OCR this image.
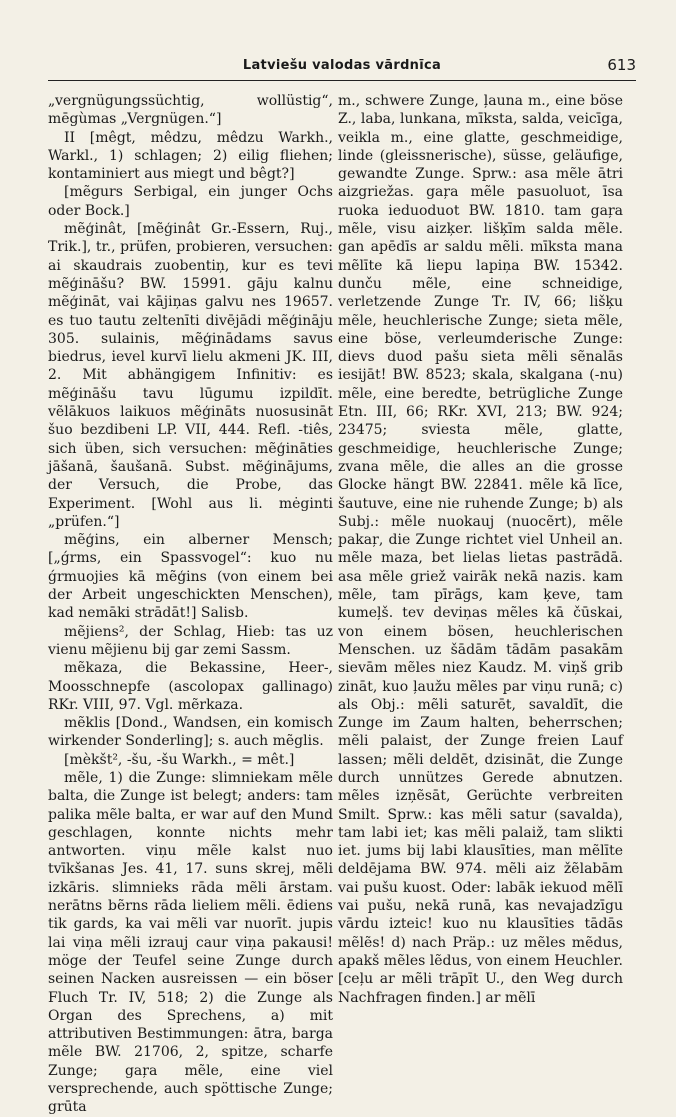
Latviešu valodas vārdnīca	613

„vergnügungssüchtig, wollüstig“, mēgùmas „Vergnügen.“]

II [mêgt, mêdzu, mêdzu Warkh., Warkl., 1) schlagen; 2) eilig fliehen; kontaminiert aus miegt und bêgt?]

[mẽgurs Serbigal, ein junger Ochs oder Bock.]

mẽģinât, [mẽģinât Gr.-Essern, Ruj., Trik.], tr., prüfen, probieren, versuchen: ai skaudrais zuobentiņ, kur es tevi mẽģināšu? BW. 15991. gāju kalnu mẽģināt, vai kājiņas galvu nes 19657. es tuo tautu zeltenīti divējādi mẽģināju 305. sulainis, mẽģinādams savus biedrus, ievel kurvī lielu akmeni JK. III, 2. Mit abhängigem Infinitiv: es mẽģināšu tavu lūgumu izpildīt. vẽlākuos laikuos mẽģināts nuosusināt šuo bezdibeni LP. VII, 444. Refl. -tiês, sich üben, sich versuchen: mẽģināties jāšanā, šaušanā. Subst. mẽģinājums, der Versuch, die Probe, das Experiment. [Wohl aus li. mėginti „prüfen.“]

mẽģins, ein alberner Mensch; [„ǵrms, ein Spassvogel“: kuo nu ǵrmuojies kā mẽģins (von einem bei der Arbeit ungeschickten Menschen), kad nemāki strādāt!] Salisb.

mẽjiens², der Schlag, Hieb: tas uz vienu mẽjienu bij gar zemi Sassm.

mẽkaza, die Bekassine, Heer-, Moosschnepfe (ascolopax gallinago) RKr. VIII, 97. Vgl. mẽrkaza.

mẽklis [Dond., Wandsen, ein komisch wirkender Sonderling]; s. auch mẽglis.

[mèkšt², -šu, -šu Warkh., = mêt.]

mẽle, 1) die Zunge: slimniekam mẽle balta, die Zunge ist belegt; anders: tam palika mẽle balta, er war auf den Mund geschlagen, konnte nichts mehr antworten. viņu mẽle kalst nuo tvīkšanas Jes. 41, 17. suns skrej, mẽli izkāris. slimnieks rāda mẽli ārstam. nerātns bẽrns rāda lieliem mẽli. ēdiens tik gards, ka vai mẽli var nuorīt. jupis lai viņa mẽli izrauj caur viņa pakausi! möge der Teufel seine Zunge durch seinen Nacken ausreissen — ein böser Fluch Tr. IV, 518; 2) die Zunge als Organ des Sprechens, a) mit attributiven Bestimmungen: ātra, barga mẽle BW. 21706, 2, spitze, scharfe Zunge; gaŗa mẽle, eine viel versprechende, auch spöttische Zunge; grūta

m., schwere Zunge, ļauna m., eine böse Z., laba, lunkana, mīksta, salda, veicīga, veikla m., eine glatte, geschmeidige, linde (gleissnerische), süsse, geläufige, gewandte Zunge. Sprw.: asa mẽle ātri aizgriežas. gaŗa mẽle pasuoluot, īsa ruoka ieduoduot BW. 1810. tam gaŗa mẽle, visu aizķer. lišķīm salda mẽle. gan apēdīs ar saldu mẽli. mīksta mana mẽlīte kā liepu lapiņa BW. 15342. dunču mẽle, eine schneidige, verletzende Zunge Tr. IV, 66; lišķu mẽle, heuchlerische Zunge; sieta mẽle, eine böse, verleumderische Zunge: dievs duod pašu sieta mẽli sẽnalās iesijāt! BW. 8523; skala, skalgana (-nu) mẽle, eine beredte, betrügliche Zunge Etn. III, 66; RKr. XVI, 213; BW. 924; 23475; sviesta mẽle, glatte, geschmeidige, heuchlerische Zunge; zvana mẽle, die alles an die grosse Glocke hängt BW. 22841. mẽle kā līce, šautuve, eine nie ruhende Zunge; b) als Subj.: mẽle nuokauj (nuocẽrt), mẽle pakaŗ, die Zunge richtet viel Unheil an. mẽle maza, bet lielas lietas pastrādā. asa mẽle griež vairāk nekā nazis. kam mẽle, tam pīrāgs, kam ķeve, tam kumeļš. tev deviņas mẽles kā čūskai, von einem bösen, heuchlerischen Menschen. uz šādām tādām pasakām sievām mẽles niez Kaudz. M. viņš grib zināt, kuo ļaužu mẽles par viņu runā; c) als Obj.: mẽli saturēt, savaldīt, die Zunge im Zaum halten, beherrschen; mẽli palaist, der Zunge freien Lauf lassen; mẽli deldēt, dzisināt, die Zunge durch unnützes Gerede abnutzen. mẽles izņẽsāt, Gerüchte verbreiten Smilt. Sprw.: kas mẽli satur (savalda), tam labi iet; kas mẽli palaiž, tam slikti iet. jums bij labi klausīties, man mẽlīte deldējama BW. 974. mẽli aiz žẽlabām vai pušu kuost. Oder: labāk iekuod mẽlī vai pušu, nekā runā, kas nevajadzīgu vārdu izteic! kuo nu klausīties tādās mẽlẽs! d) nach Präp.: uz mẽles mẽdus, apakš mẽles lẽdus, von einem Heuchler. [ceļu ar mẽli trāpīt U., den Weg durch Nachfragen finden.] ar mẽlī
